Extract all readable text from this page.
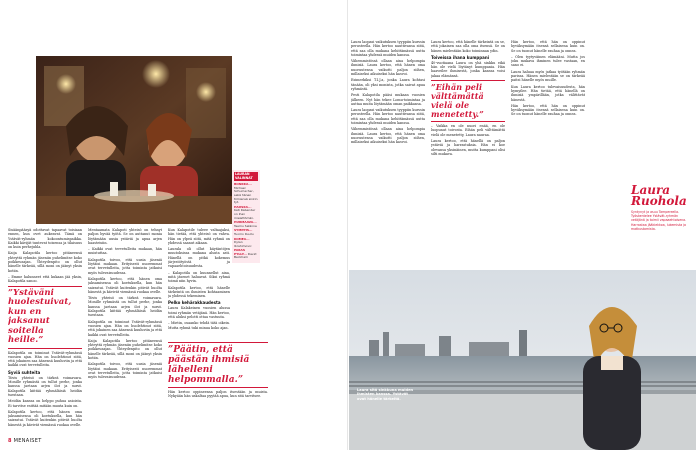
Sisäänpääsyä odottavat tapaavat toisiaan ennen, kun ovet aukeavat. Tämä on Ystävät-ryhmän kokoontumispaikka. Kaikki kävijät tuntevat toisensa ja tilaisuus on kuin perhejuhla.

Kaija Kalapotila kertoo pitäneensä yhteyttä ryhmän jäseniin puhelimitse koko poikkeusajan. Yhteydenpito on ollut hänelle tärkeää, sillä moni on jäänyt yksin kotiin.

– Emme halunneet että kukaan jää yksin, Kalapotila sanoo.

”Ystäväni huolestuivat, kun en jaksanut soitella heille.”

Kalapotila on toiminut Ystävät-ryhmässä vuosien ajan. Hän on huolehtinut siitä, että jokainen saa äänensä kuuluviin ja että kaikki ovat tervetulleita.

Syviä suhteita

Tiivis yhteisö on tärkeä voimavara. Monille ryhmästä on tullut perhe, jonka kanssa jaetaan arjen ilot ja surut. Kalapotila kiittää ryhmäläisiä heidän tuestaan.

Meidän kanssa on helppo puhua asioista. Ei tarvitse esittää mitään muuta kuin on.

Kalapotila kertoo, että hänen oma jaksamisensa oli koetuksella, kun hän sairastui. Ystävät kuitenkin pitivät huolta hänestä ja kävivät viemässä ruokaa ovelle.

Mentaamata Kalapoti yhteisö on tehnyt paljon hyvää työtä. Se on auttanut monia löytämään uusia ystäviä ja apua arjen haasteisiin.

– Kaikki ovat tervetulleita mukaan, hän muistuttaa.

Kalapotila toivoo, että uusia jäseniä löytäisi mukaan. Erityisesti nuoremmat ovat tervetulleita, jotta toiminta jatkuisi myös tulevaisuudessa.

Kalapotila kertoo, että hänen oma jaksamisensa oli koetuksella, kun hän sairastui. Ystävät kuitenkin pitivät huolta hänestä ja kävivät viemässä ruokaa ovelle.

Tiivis yhteisö on tärkeä voimavara. Monille ryhmästä on tullut perhe, jonka kanssa jaetaan arjen ilot ja surut. Kalapotila kiittää ryhmäläisiä heidän tuestaan.

Kalapotila on toiminut Ystävät-ryhmässä vuosien ajan. Hän on huolehtinut siitä, että jokainen saa äänensä kuuluviin ja että kaikki ovat tervetulleita.

Kaija Kalapotila kertoo pitäneensä yhteyttä ryhmän jäseniin puhelimitse koko poikkeusajan. Yhteydenpito on ollut hänelle tärkeää, sillä moni on jäänyt yksin kotiin.

Kalapotila toivoo, että uusia jäseniä löytäisi mukaan. Erityisesti nuoremmat ovat tervetulleita, jotta toiminta jatkuisi myös tulevaisuudessa.

Kun Kalapotile tuleee valtaajaksi, hän tietää, että yhteisö on vahva. Hän on ylpeä siitä, mitä ryhmä on yhdessä saanut aikaan.

Laurala oli ollut käytäntöjen muutoksissa mukana alusta asti. Hänellä on pitkä kokemus järjestötyöstä ja vapaaehtoisuudesta.

– Kalapotila on kuunnellut aina, mitä jäsenet haluavat. Siksi ryhmä toimii niin hyvin.

Kalapotila kertoo, että hänelle tärkeintä on ihmisten kohtaaminen ja yhdessä tekeminen.

Pelko kehärakkaudesta

Laura Kalakeinen vuosien alussa toimi ryhmän vetäjänä. Hän kertoo, että aluksi pelotti ottaa vastuuta.

– Mietin, osaanko tehdä tätä oikein. Mutta ryhmä tuki minua koko ajan.

”Päätin, että päästän ihmisiä lähelleni helpommalla.”

Hän kertoo oppineensa paljon itsestään ja muista. Nykyään hän uskaltaa pyytää apua, kun sitä tarvitsee.

LAURAN VALINNAT
BONKKA... Michael Schumacher, sekä hänen tiimiensä sinkin tyt.
HAUSKA... Kati Rabender on ihan mielettömän.
HURMAAVA... Teemu Selänne
SYMPPIS... Tuomo Ruutu
KOMEA... Dylan Ibrahimovic
PARAS PYLLY... David Beckham
8 MENAISET

Laura laopasi vaikutuksen tyyppiin kurssin perusteella. Hän kertoo nauttivansa siitä, että saa olla mukana kehittämässä uutta toimintaa yhdessä muiden kanssa.

Vähemmistössä ollaan aina helpompia ihmisiä. Laura kertoo, että hänen oma nuoruutensa vaikutti paljon siihen, millaiseksi aikuiseksi hän kasvoi.

Esimerkiksi T.I.J.a, jonka Laura kohtasi tänään, oli yksi monista, jotka saivat apua ryhmästä.

Pesti Kalapotila pääsi mukaan vuosien jälkeen. Nyt hän tekee Lomu-toimintaa ja auttaa muita löytämään oman paikkansa.

Laura laopasi vaikutuksen tyyppiin kurssin perusteella. Hän kertoo nauttivansa siitä, että saa olla mukana kehittämässä uutta toimintaa yhdessä muiden kanssa.

Vähemmistössä ollaan aina helpompia ihmisiä. Laura kertoo, että hänen oma nuoruutensa vaikutti paljon siihen, millaiseksi aikuiseksi hän kasvoi.

Laura kertoo, että hänelle tärkeintä on se, että jokainen saa olla oma itsensä. Se on hänen mielestään koko toiminnan ydin.

Toiveissa ihana kumppani

40-vuotiaana Laura on yhä sinkku eikä hän ole vielä löytänyt kumppania. Hän haaveilee ihmisestä, jonka kanssa voisi jakaa elämänsä.

”Eihän peli välttämättä vielä ole menetetty.”

– Vaikka en ole nuori enää, en ole luopunut toivosta. Eihän peli välttämättä vielä ole menetetty, Laura nauraa.

Laura kertoo, että hänellä on paljon ystäviä ja harrastuksia. Hän ei koe olevansa yksinäinen, mutta kumppani olisi silti mukava.

Hän kertoo, että hän on oppinut hyväksymään itsensä sellaisena kuin on. Se on tuonut hänelle rauhaa ja onnea.

– Olen tyytyväinen elämääni. Mutta jos joku mukava ihminen tulee vastaan, en sano ei.

Laura haluaa myös jatkaa työtään ryhmän parissa. Hänen mielestään se on tärkeää paitsi hänelle myös muille.

Kun Laura kertoo tulevaisuudesta, hän hymyilee. Hän tietää, että hänellä on ihmisiä ympärillään, jotka välittävät hänestä.

Hän kertoo, että hän on oppinut hyväksymään itsensä sellaisena kuin on. Se on tuonut hänelle rauhaa ja onnea.

Laura Ruohola
Syntynyt ja asuu Tampereella. Työskentelee Ystävät-ryhmän vetäjänä ja toimii vapaaehtoisena. Harrastaa jääkiekkoa, lukemista ja matkustamista.
Laura sitä sinkkuna muiden ihmisten kanssa. Ystävät ovat hänelle tärkeitä.
